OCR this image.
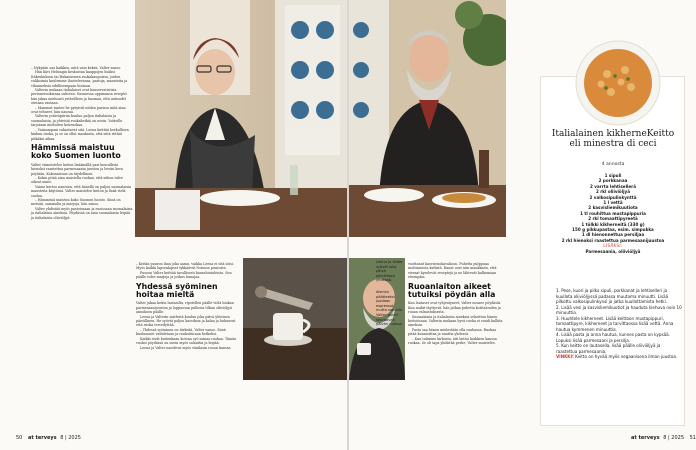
– Nykyään saa kaikkea, mitä vain keksii, Valter sanoo.

Hän kävi Helsingin keskustan kauppojen lisäksi Itäkeskuksen tai Hakaniemen ruokakaupoissa, joiden valikoimia kuulemme ihastelevansa, pastoja, mausteita ja vihanneksia edullisempaan hintaan.

Valterin mukaan italialaiset ovat konservatiivisia perinneruokiensa suhteen. Suomessa oppimansa reseptit hän jakaa mieluusti ystävilleen ja huomaa, että uutuudet otetaan vastaan.

– Mammat tuntee he pysyivät niiden parissa mitä aina ovat tehneet, hän nauraa.

Valterin ystäväpiiriin kuuluu paljon italialaisia ja suomalaisia, ja yhteisiä ruokahetkiä on usein. Ystäville tarjotaan mieluiten kotiruokaa.

– Vaimompani rakastavat sitä. Leena keittää herkullisen kinkun ruoka, ja se on ollut maukasta, että siitä riittää pitkäksi aikaa.

Hämmissä maistuu koko Suomen luonto

Valter viimeistelee keiton lisäämällä pari kourallista hienoksi raastettua parmesaania juuston ja leivän kera pöytään. Kokonaisuus on täydellinen.

– Kokin pitää aina maistella ruokaa, että siihen tulee oikeat maut.

Vaimo kertoo nauraen, että hänellä on paljon suomalaisia mausteita käytössä. Valter maistelee keiton ja lisää vielä suolaa.

– Hämmissä maistuu koko Suomen luonto. Siinä on metsää, sammalta ja marjoja, hän sanoo.

Valter yhdistää myös pastoissaan ja ruoissaan suomalaisia ja italialaisia aineksia. Pöydässä on aina suomalaista leipää ja italialaista oliiviöljyä.

– Keitän puuron ihan joka aamu, vaikka Leena ei sitä söisi. Myös kaikki lapsenlapset tykkäävät Nonnon puurosta.

Puuron Valter keittää tavallisesti kaurahiutaleista. Sen päälle tulee marjoja ja joskus hunajaa.

Yhdessä syöminen hoitaa mieltä

Valter jakaa kotiin laatasilta, ripotellen päälle vielä hiukan parmesaanijuustoa ja loppuosan pullosta tilkan oliiviöljyä annoksen päälle.

Leena ja Valterin mielestä kuuluu joka päivä yhteinen päivällinen. He syövät paljon kasviksia ja kalaa ja huhuavat että ruoka tervedyttää.

– Yhdessä syöminen on tärkeää, Valter sanoo. Siinä kuulumiset vaihdetaan ja rauhoitutaan hetkeksi.

Kaikki eivät kuitenkaan kotona syö samaa ruokaa. Tämän vuoksi pöydässä on usein myös salaattia ja leipää.

Leena ja Valter nauttivat myös viinilasin ruoan kanssa.

50 at terveys 8 | 2025
Leena ja Valter syövät joka päivä päivällisen yhdessä.
Aterian päätteeksi juodaan espressot, mutta samalla Valter pohtii seuraavan päivän ruokaa.

vuottanut kasvisruokavalioon. Puhetta pulppuaa molemmista kielistä. Ruuat ovat niin maukkaita, että vieraat kyselevät reseptejä ja ne lähtevät kulkemaan eteenpäin.

Ruoanlaiton aikeet tutuiksi pöydän alla

Kun lautaset ovat tyhjentyneet, Valter nousee pöydästä. Kun mukit täyttyvät, hän jatkaa puhetta kotitalouden ja ruoan valmistuksesta.

Suomalaisia ja italialaisia aineksia sekoittuu hänen keitoissaan. Valterin mukaan hyvä ruoka ei vaadi kalliita aineksia.

Pasta saa hänen mielestään olla rauhassa. Ruokaa pitää kunnioittaa ja nauttia yhdessä.

– Kun tulimme kirkosta, äiti laittoi kaikkien kanssa ruokaa. Se oli tapa yhdistää perhe, Valter muistelee.

at terveys 8 | 2025 51
Italialainen kikherneKeitto eli minestra di ceci
4 annosta
1 sipuli
2 porkkanaa
2 varrta lehtisellerä
2 rkl oliiviöljyä
2 valkosipulinkynttä
1 l vettä
2 kasvisliemikuutiota
1 tl rouhittua mustapippuria
2 rkl tomaattipyreetä
1 tölkki kikherneitä (330 g)
150 g pikkupastaa, esim. simpukka
1 dl hienonnettua persiljaa
2 rkl hienoksi raastettua parmesaanijuustoa
LISÄKSI:
Parmesaania, oliiviöljyä

1. Pese, kuori ja pilko sipuli, porkkanat ja lehtiselleri ja kuullota oliiviöljyssä padassa muutama minuutti. Lisää pilkottu valkosipulinkynsi ja jatka kuullottamista hetki.

2. Lisää vesi ja kasvisliemikuutiot ja hauduta kiehuva noin 10 minuuttia.

3. Huuhtele kikherneet. Lisää keittoon mustapippuri, tomaattipyre, kikherneet ja tarvittaessa lisää vettä. Anna hautua kymmenen minuuttia.

4. Lisää pasta ja anna hautua, kunnes pasta on kypsää. Lopuksi lisää parmesaani ja persilja.

5. Kun keitto on lautasella, lisää päälle oliiviöljyä ja raastettua parmesaania.

VINKKI! Keitto on hyvää myös vegaanisena ilman juustoa.
